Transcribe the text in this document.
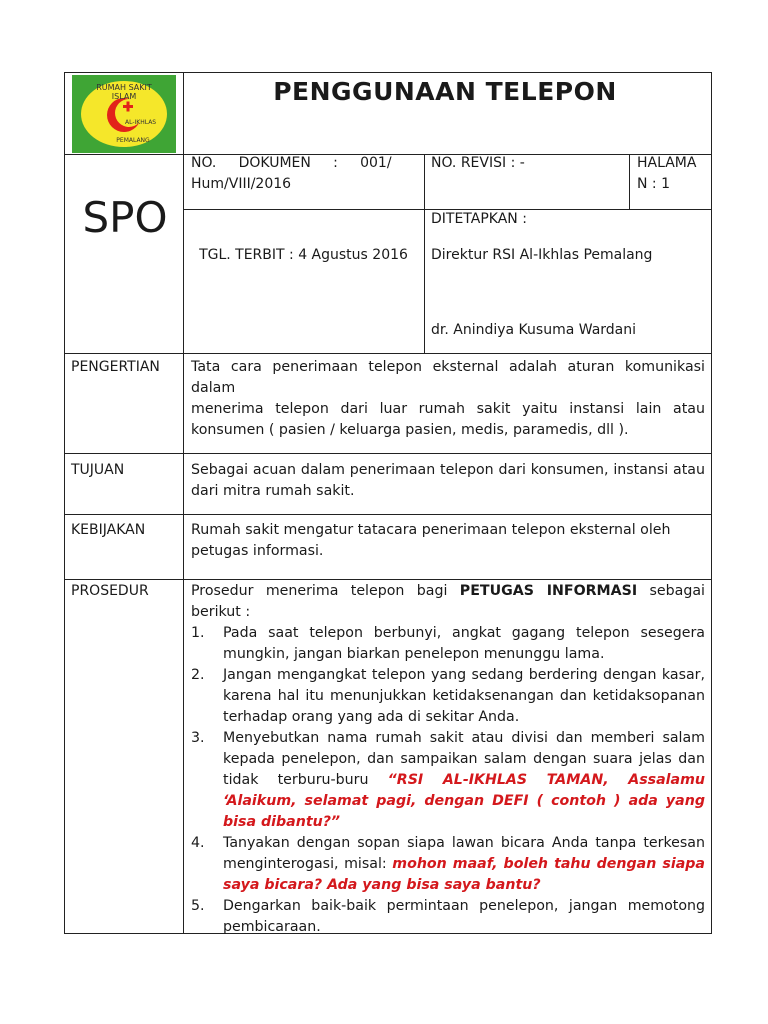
RUMAH SAKIT ISLAM
AL-IKHLAS
PEMALANG
PENGGUNAAN TELEPON
SPO
NO.     DOKUMEN     :     001/
Hum/VIII/2016
NO. REVISI : -	HALAMA
N : 1
TGL. TERBIT : 4 Agustus 2016
DITETAPKAN :
Direktur RSI Al-Ikhlas Pemalang
dr. Anindiya Kusuma Wardani
PENGERTIAN Tata cara penerimaan telepon eksternal adalah aturan komunikasi
dalam
menerima telepon dari luar rumah sakit yaitu instansi lain atau
konsumen ( pasien / keluarga pasien, medis, paramedis, dll ).
TUJUAN	Sebagai acuan dalam penerimaan telepon dari konsumen, instansi atau dari mitra rumah sakit.
KEBIJAKAN	Rumah sakit mengatur tatacara penerimaan telepon eksternal oleh petugas informasi.
PROSEDUR	Prosedur menerima telepon bagi PETUGAS INFORMASI sebagai berikut :
1.	Pada saat telepon berbunyi, angkat gagang telepon sesegera mungkin, jangan biarkan penelepon menunggu lama.
2.	Jangan mengangkat telepon yang sedang berdering dengan kasar, karena hal itu menunjukkan ketidaksenangan dan ketidaksopanan terhadap orang yang ada di sekitar Anda.
3.	Menyebutkan nama rumah sakit atau divisi dan memberi salam kepada penelepon, dan sampaikan salam dengan suara jelas dan tidak terburu-buru “RSI AL-IKHLAS TAMAN, Assalamu ‘Alaikum, selamat pagi, dengan DEFI ( contoh ) ada yang bisa dibantu?”
4.	Tanyakan dengan sopan siapa lawan bicara Anda tanpa terkesan menginterogasi, misal: mohon maaf, boleh tahu dengan siapa saya bicara? Ada yang bisa saya bantu?
5.	Dengarkan baik-baik permintaan penelepon, jangan memotong pembicaraan.
